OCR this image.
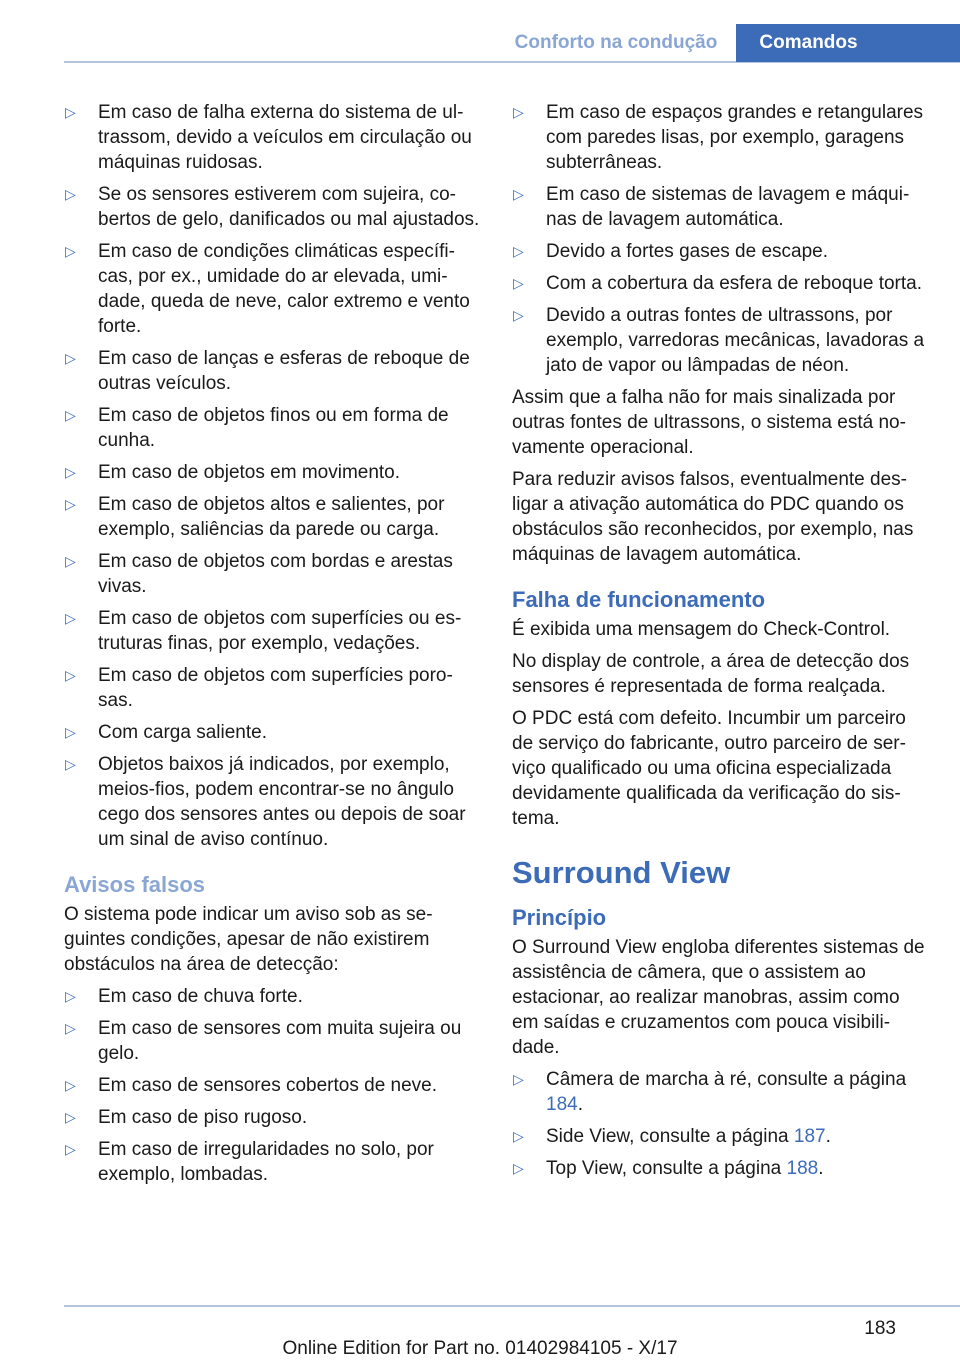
Conforto na condução	Comandos
▷ Em caso de falha externa do sistema de ultrassom, devido a veículos em circulação ou máquinas ruidosas.
▷ Se os sensores estiverem com sujeira, cobertos de gelo, danificados ou mal ajustados.
▷ Em caso de condições climáticas específicas, por ex., umidade do ar elevada, umidade, queda de neve, calor extremo e vento forte.
▷ Em caso de lanças e esferas de reboque de outras veículos.
▷ Em caso de objetos finos ou em forma de cunha.
▷ Em caso de objetos em movimento.
▷ Em caso de objetos altos e salientes, por exemplo, saliências da parede ou carga.
▷ Em caso de objetos com bordas e arestas vivas.
▷ Em caso de objetos com superfícies ou estruturas finas, por exemplo, vedações.
▷ Em caso de objetos com superfícies porosas.
▷ Com carga saliente.
▷ Objetos baixos já indicados, por exemplo, meios-fios, podem encontrar-se no ângulo cego dos sensores antes ou depois de soar um sinal de aviso contínuo.
Avisos falsos

O sistema pode indicar um aviso sob as seguintes condições, apesar de não existirem obstáculos na área de detecção:

▷ Em caso de chuva forte.
▷ Em caso de sensores com muita sujeira ou gelo.
▷ Em caso de sensores cobertos de neve.
▷ Em caso de piso rugoso.
▷ Em caso de irregularidades no solo, por exemplo, lombadas.
▷ Em caso de espaços grandes e retangulares com paredes lisas, por exemplo, garagens subterrâneas.
▷ Em caso de sistemas de lavagem e máquinas de lavagem automática.
▷ Devido a fortes gases de escape.
▷ Com a cobertura da esfera de reboque torta.
▷ Devido a outras fontes de ultrassons, por exemplo, varredoras mecânicas, lavadoras a jato de vapor ou lâmpadas de néon.

Assim que a falha não for mais sinalizada por outras fontes de ultrassons, o sistema está novamente operacional.

Para reduzir avisos falsos, eventualmente desligar a ativação automática do PDC quando os obstáculos são reconhecidos, por exemplo, nas máquinas de lavagem automática.

Falha de funcionamento

É exibida uma mensagem do Check-Control.

No display de controle, a área de detecção dos sensores é representada de forma realçada.

O PDC está com defeito. Incumbir um parceiro de serviço do fabricante, outro parceiro de serviço qualificado ou uma oficina especializada devidamente qualificada da verificação do sistema.

Surround View
Princípio

O Surround View engloba diferentes sistemas de assistência de câmera, que o assistem ao estacionar, ao realizar manobras, assim como em saídas e cruzamentos com pouca visibilidade.

▷ Câmera de marcha à ré, consulte a página 184.
▷ Side View, consulte a página 187.
▷ Top View, consulte a página 188.
183
Online Edition for Part no. 01402984105 - X/17
